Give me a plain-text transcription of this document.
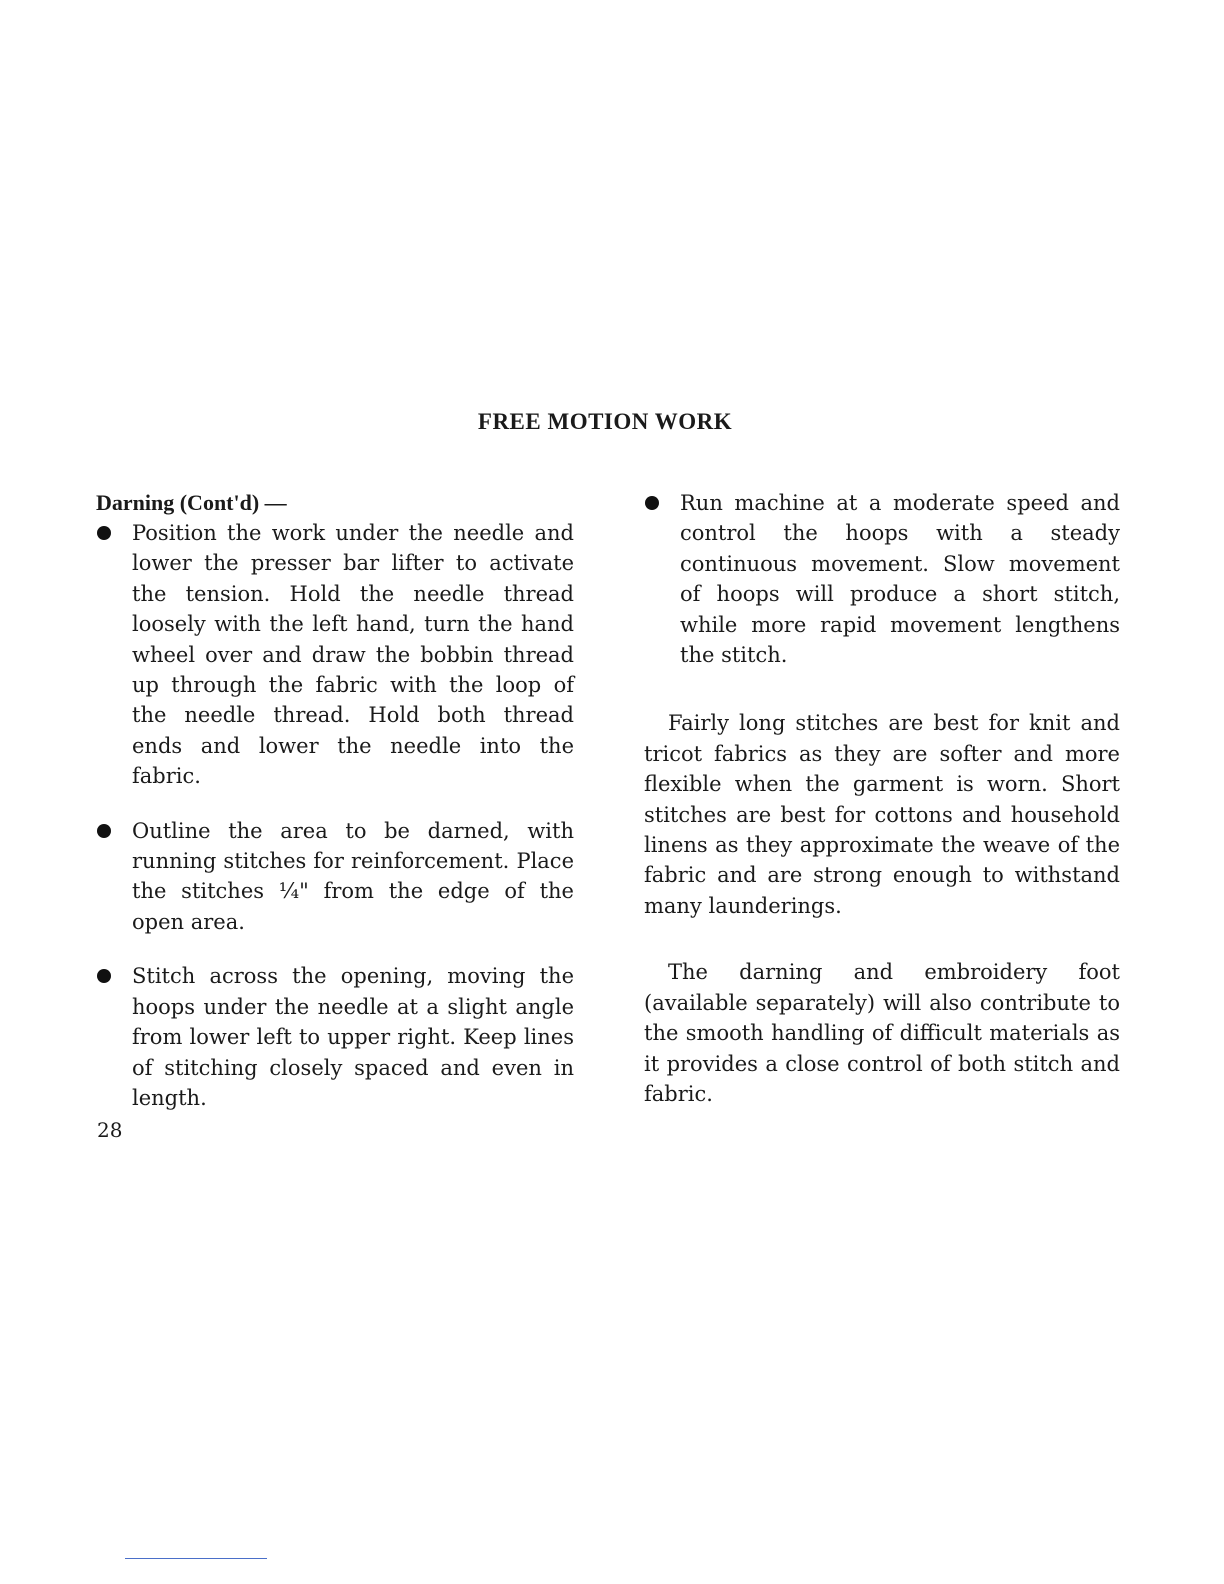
FREE MOTION WORK
Darning (Cont'd) —
Position the work under the needle and lower the presser bar lifter to activate the tension. Hold the needle thread loosely with the left hand, turn the hand wheel over and draw the bobbin thread up through the fabric with the loop of the needle thread. Hold both thread ends and lower the needle into the fabric.
Outline the area to be darned, with running stitches for reinforcement. Place the stitches ¼" from the edge of the open area.
Stitch across the opening, moving the hoops under the needle at a slight angle from lower left to upper right. Keep lines of stitching closely spaced and even in length.
Run machine at a moderate speed and control the hoops with a steady continuous movement. Slow movement of hoops will produce a short stitch, while more rapid movement lengthens the stitch.

Fairly long stitches are best for knit and tricot fabrics as they are softer and more flexible when the garment is worn. Short stitches are best for cottons and household linens as they approximate the weave of the fabric and are strong enough to withstand many launderings.

The darning and embroidery foot (available separately) will also contribute to the smooth handling of difficult materials as it provides a close control of both stitch and fabric.

28
